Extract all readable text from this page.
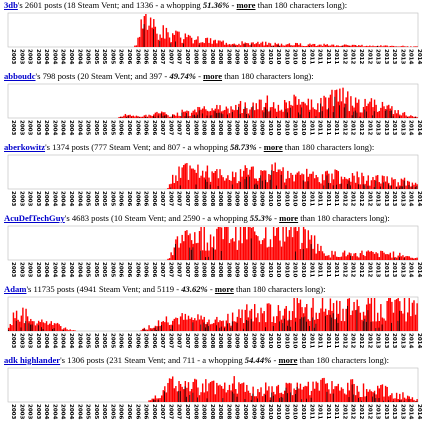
3db's 2601 posts (18 Steam Vent; and 1336 - a whopping 51.36% - more than 180 characters long):
2003 2003 2003 2003 2004 2004 2004 2004 2004 2005 2005 2005 2005 2006 2006 2006 2006 2006 2007 2007 2007 2007 2008 2008 2008 2008 2008 2009 2009 2009 2009 2010 2010 2010 2010 2010 2011 2011 2011 2011 2012 2012 2012 2012 2013 2013 2013 2013 2014 2014
abboudc's 798 posts (20 Steam Vent; and 397 - 49.74% - more than 180 characters long):
2003 2003 2003 2003 2004 2004 2004 2004 2004 2005 2005 2005 2005 2006 2006 2006 2006 2006 2007 2007 2007 2007 2008 2008 2008 2008 2008 2009 2009 2009 2009 2010 2010 2010 2010 2010 2011 2011 2011 2011 2012 2012 2012 2012 2013 2013 2013 2013 2014 2014
aberkowitz's 1374 posts (777 Steam Vent; and 807 - a whopping 58.73% - more than 180 characters long):
2003 2003 2003 2003 2004 2004 2004 2004 2004 2005 2005 2005 2005 2006 2006 2006 2006 2006 2007 2007 2007 2007 2008 2008 2008 2008 2008 2009 2009 2009 2009 2010 2010 2010 2010 2010 2011 2011 2011 2011 2012 2012 2012 2012 2013 2013 2013 2013 2014 2014
AcuDefTechGuy's 4683 posts (10 Steam Vent; and 2590 - a whopping 55.3% - more than 180 characters long):
2003 2003 2003 2003 2004 2004 2004 2004 2004 2005 2005 2005 2005 2006 2006 2006 2006 2006 2007 2007 2007 2007 2008 2008 2008 2008 2008 2009 2009 2009 2009 2010 2010 2010 2010 2010 2011 2011 2011 2011 2012 2012 2012 2012 2013 2013 2013 2013 2014 2014
Adam's 11735 posts (4941 Steam Vent; and 5119 - 43.62% - more than 180 characters long):
2003 2003 2003 2003 2004 2004 2004 2004 2004 2005 2005 2005 2005 2006 2006 2006 2006 2006 2007 2007 2007 2007 2008 2008 2008 2008 2008 2009 2009 2009 2009 2010 2010 2010 2010 2010 2011 2011 2011 2011 2012 2012 2012 2012 2013 2013 2013 2013 2014 2014
adk highlander's 1306 posts (231 Steam Vent; and 711 - a whopping 54.44% - more than 180 characters long):
2003 2003 2003 2003 2004 2004 2004 2004 2004 2005 2005 2005 2005 2006 2006 2006 2006 2006 2007 2007 2007 2007 2008 2008 2008 2008 2008 2009 2009 2009 2009 2010 2010 2010 2010 2010 2011 2011 2011 2011 2012 2012 2012 2012 2013 2013 2013 2013 2014 2014
